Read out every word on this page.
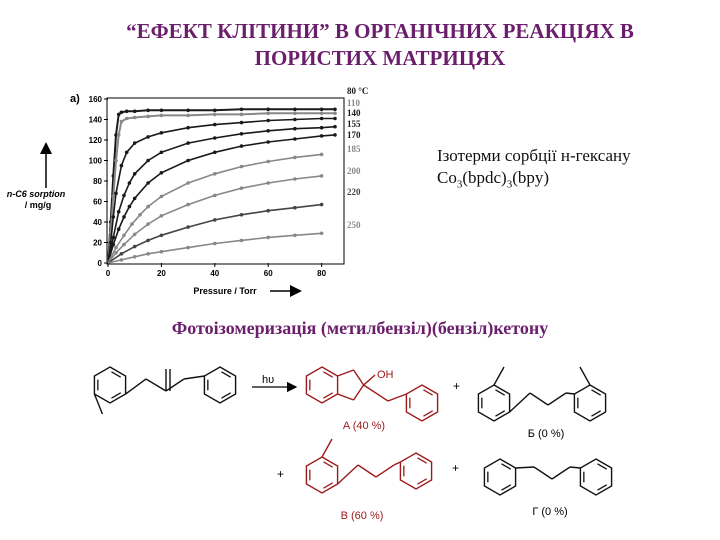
“ЕФЕКТ КЛІТИНИ” В ОРГАНІЧНИХ РЕАКЦІЯХ В
ПОРИСТИХ МАТРИЦЯХ
a)
n-C6 sorption
/ mg/g
0
20
40
60
80
100
120
140
160
0	20	40	60	80
80 °C
110
140
155
170
185
200
220
250
Pressure / Torr
Ізотерми сорбції н-гексану
$Co_3(bpdc)_3(bpy)$
Фотоізомеризація (метилбензіл)(бензіл)кетону
hυ	OH
+
+	+
A (40 %)
Б (0 %)
В (60 %)	Г (0 %)
